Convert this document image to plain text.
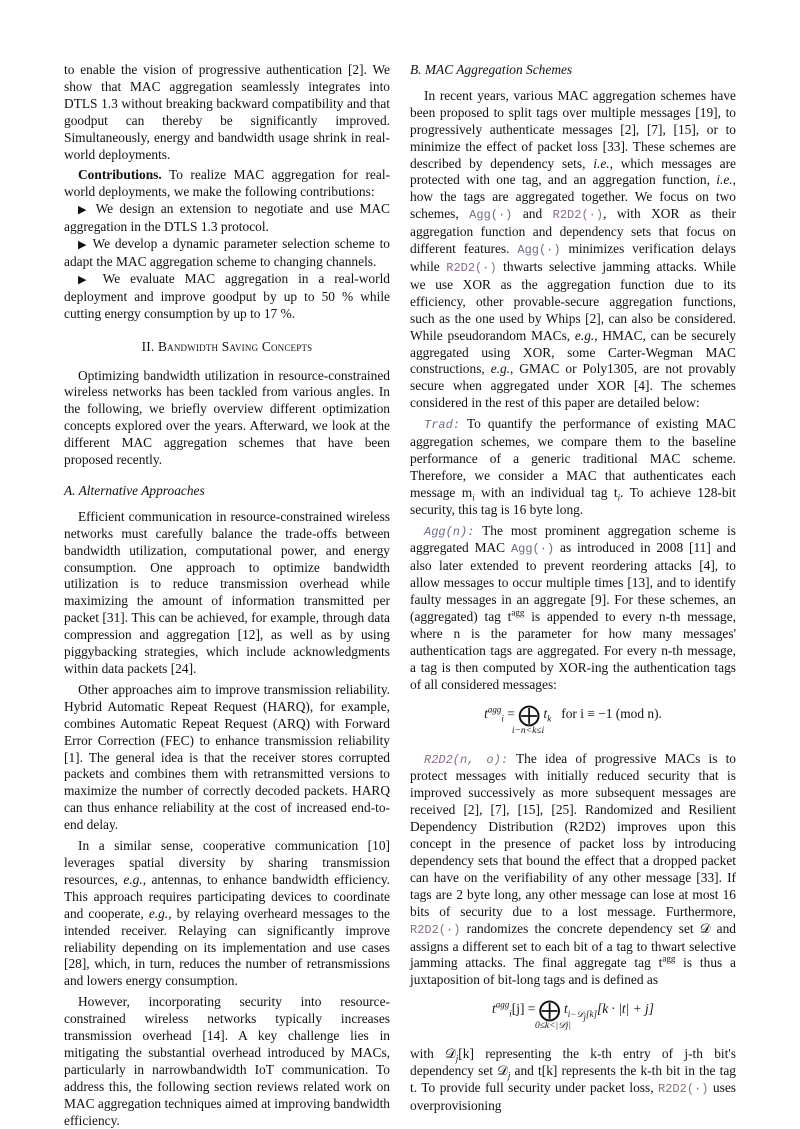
to enable the vision of progressive authentication [2]. We show that MAC aggregation seamlessly integrates into DTLS 1.3 without breaking backward compatibility and that goodput can thereby be significantly improved. Simultaneously, energy and bandwidth usage shrink in real-world deployments.

Contributions. To realize MAC aggregation for real-world deployments, we make the following contributions:

▶ We design an extension to negotiate and use MAC aggregation in the DTLS 1.3 protocol.

▶ We develop a dynamic parameter selection scheme to adapt the MAC aggregation scheme to changing channels.

▶ We evaluate MAC aggregation in a real-world deployment and improve goodput by up to 50 % while cutting energy consumption by up to 17 %.

II. Bandwidth Saving Concepts

Optimizing bandwidth utilization in resource-constrained wireless networks has been tackled from various angles. In the following, we briefly overview different optimization concepts explored over the years. Afterward, we look at the different MAC aggregation schemes that have been proposed recently.

A. Alternative Approaches

Efficient communication in resource-constrained wireless networks must carefully balance the trade-offs between bandwidth utilization, computational power, and energy consumption. One approach to optimize bandwidth utilization is to reduce transmission overhead while maximizing the amount of information transmitted per packet [31]. This can be achieved, for example, through data compression and aggregation [12], as well as by using piggybacking strategies, which include acknowledgments within data packets [24].

Other approaches aim to improve transmission reliability. Hybrid Automatic Repeat Request (HARQ), for example, combines Automatic Repeat Request (ARQ) with Forward Error Correction (FEC) to enhance transmission reliability [1]. The general idea is that the receiver stores corrupted packets and combines them with retransmitted versions to maximize the number of correctly decoded packets. HARQ can thus enhance reliability at the cost of increased end-to-end delay.

In a similar sense, cooperative communication [10] leverages spatial diversity by sharing transmission resources, e.g., antennas, to enhance bandwidth efficiency. This approach requires participating devices to coordinate and cooperate, e.g., by relaying overheard messages to the intended receiver. Relaying can significantly improve reliability depending on its implementation and use cases [28], which, in turn, reduces the number of retransmissions and lowers energy consumption.

However, incorporating security into resource-constrained wireless networks typically increases transmission overhead [14]. A key challenge lies in mitigating the substantial overhead introduced by MACs, particularly in narrowbandwidth IoT communication. To address this, the following section reviews related work on MAC aggregation techniques aimed at improving bandwidth efficiency.

B. MAC Aggregation Schemes

In recent years, various MAC aggregation schemes have been proposed to split tags over multiple messages [19], to progressively authenticate messages [2], [7], [15], or to minimize the effect of packet loss [33]. These schemes are described by dependency sets, i.e., which messages are protected with one tag, and an aggregation function, i.e., how the tags are aggregated together. We focus on two schemes, Agg(·) and R2D2(·), with XOR as their aggregation function and dependency sets that focus on different features. Agg(·) minimizes verification delays while R2D2(·) thwarts selective jamming attacks. While we use XOR as the aggregation function due to its efficiency, other provable-secure aggregation functions, such as the one used by Whips [2], can also be considered. While pseudorandom MACs, e.g., HMAC, can be securely aggregated using XOR, some Carter-Wegman MAC constructions, e.g., GMAC or Poly1305, are not provably secure when aggregated under XOR [4]. The schemes considered in the rest of this paper are detailed below:

Trad: To quantify the performance of existing MAC aggregation schemes, we compare them to the baseline performance of a generic traditional MAC scheme. Therefore, we consider a MAC that authenticates each message $m_i$ with an individual tag $t_i$. To achieve 128-bit security, this tag is 16 byte long.

Agg(n): The most prominent aggregation scheme is aggregated MAC Agg(·) as introduced in 2008 [11] and also later extended to prevent reordering attacks [4], to allow messages to occur multiple times [13], and to identify faulty messages in an aggregate [9]. For these schemes, an (aggregated) tag $t^{agg}$ is appended to every n-th message, where n is the parameter for how many messages' authentication tags are aggregated. For every n-th message, a tag is then computed by XOR-ing the authentication tags of all considered messages:

$t^{agg}_i$ = ⨁ $t_k$ for i ≡ −1 (mod n).
i−n<k≤i

R2D2(n, o): The idea of progressive MACs is to protect messages with initially reduced security that is improved successively as more subsequent messages are received [2], [7], [15], [25]. Randomized and Resilient Dependency Distribution (R2D2) improves upon this concept in the presence of packet loss by introducing dependency sets that bound the effect that a dropped packet can have on the verifiability of any other message [33]. If tags are 2 byte long, any other message can lose at most 16 bits of security due to a lost message. Furthermore, R2D2(·) randomizes the concrete dependency set 𝒟 and assigns a different set to each bit of a tag to thwart selective jamming attacks. The final aggregate tag $t^{agg}$ is thus a juxtaposition of bit-long tags and is defined as

$t^{agg}_i[j]$ = ⨁ $t_{i-𝒟_j[k]}[k \cdot |t| + j]$
0≤k<|𝒟j|

with 𝒟$_j$[k] representing the k-th entry of j-th bit's dependency set 𝒟$_j$ and t[k] represents the k-th bit in the tag t. To provide full security under packet loss, R2D2(·) uses overprovisioning
